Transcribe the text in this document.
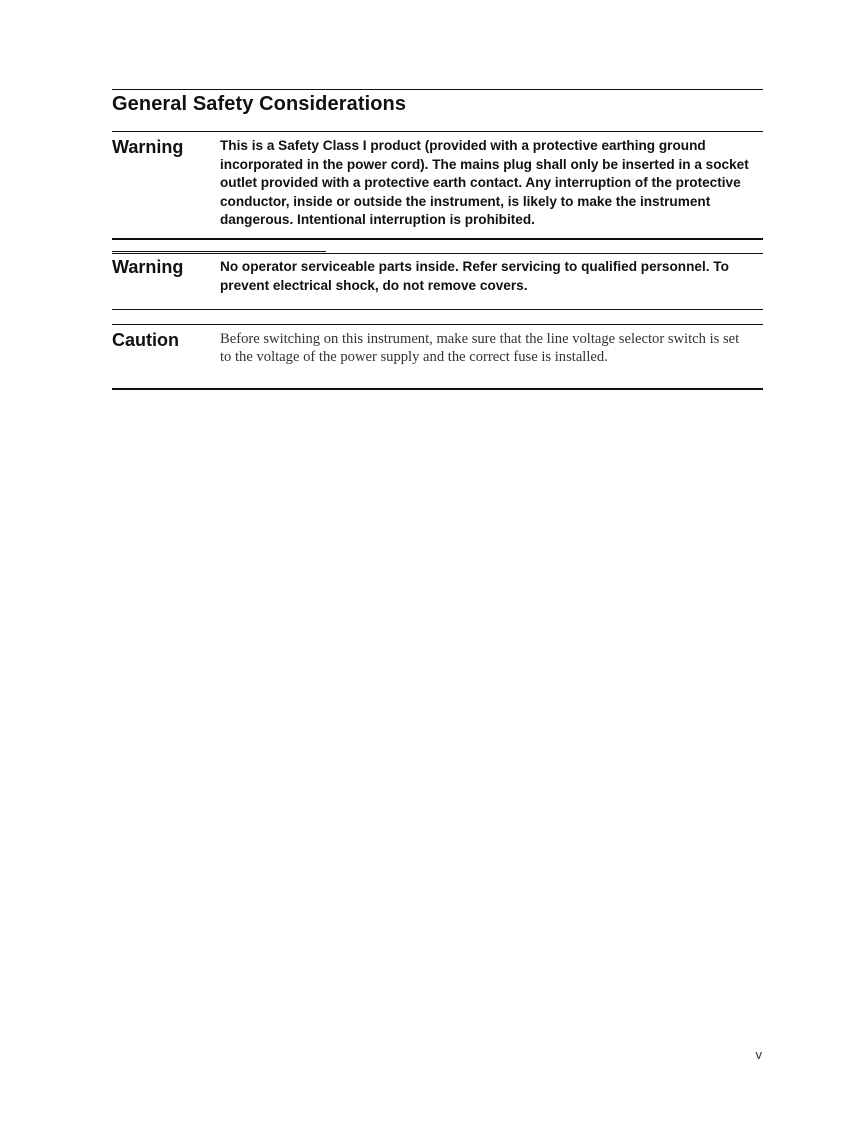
General Safety Considerations
Warning	This is a Safety Class I product (provided with a protective earthing ground incorporated in the power cord). The mains plug shall only be inserted in a socket outlet provided with a protective earth contact. Any interruption of the protective conductor, inside or outside the instrument, is likely to make the instrument dangerous. Intentional interruption is prohibited.

Warning	No operator serviceable parts inside. Refer servicing to qualified personnel. To prevent electrical shock, do not remove covers.

Caution	Before switching on this instrument, make sure that the line voltage selector switch is set to the voltage of the power supply and the correct fuse is installed.

v
